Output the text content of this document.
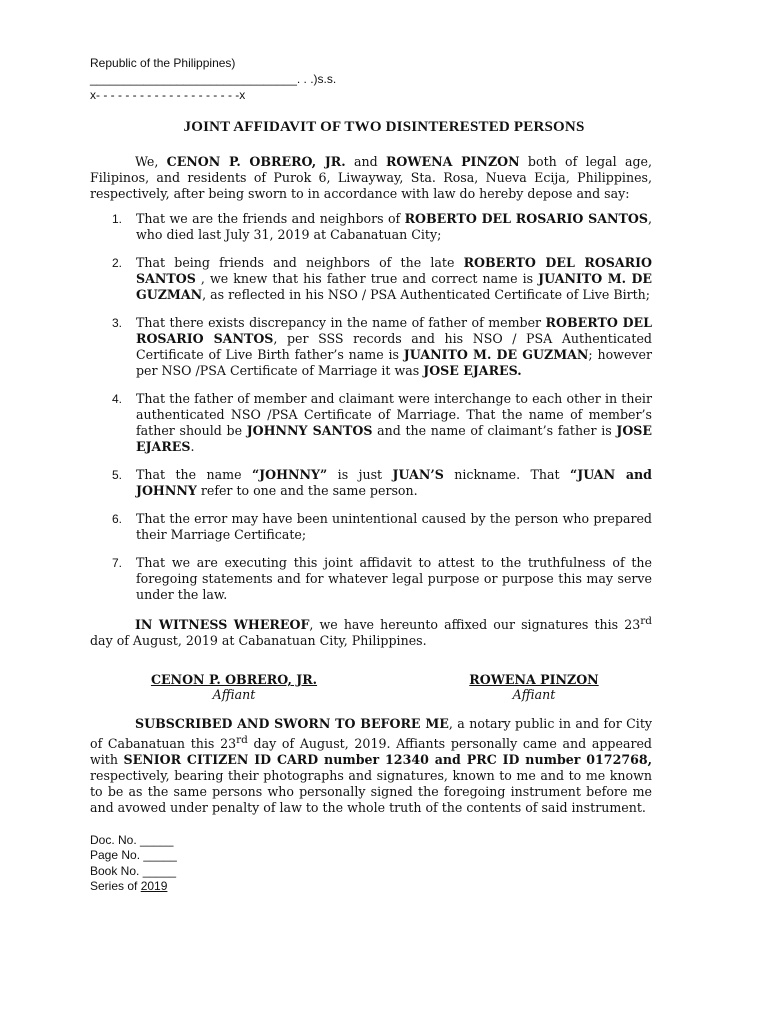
Republic of the Philippines)
_______________________________. . .)s.s.
x- - - - - - - - - - - - - - - - - - - -x
JOINT AFFIDAVIT OF TWO DISINTERESTED PERSONS
We, CENON P. OBRERO, JR. and ROWENA PINZON both of legal age, Filipinos, and residents of Purok 6, Liwayway, Sta. Rosa, Nueva Ecija, Philippines, respectively, after being sworn to in accordance with law do hereby depose and say:
1. That we are the friends and neighbors of ROBERTO DEL ROSARIO SANTOS, who died last July 31, 2019 at Cabanatuan City;
2. That being friends and neighbors of the late ROBERTO DEL ROSARIO SANTOS , we knew that his father true and correct name is JUANITO M. DE GUZMAN, as reflected in his NSO / PSA Authenticated Certificate of Live Birth;
3. That there exists discrepancy in the name of father of member ROBERTO DEL ROSARIO SANTOS, per SSS records and his NSO / PSA Authenticated Certificate of Live Birth father’s name is JUANITO M. DE GUZMAN; however per NSO /PSA Certificate of Marriage it was JOSE EJARES.
4. That the father of member and claimant were interchange to each other in their authenticated NSO /PSA Certificate of Marriage. That the name of member’s father should be JOHNNY SANTOS and the name of claimant’s father is JOSE EJARES.
5. That the name “JOHNNY” is just JUAN’S nickname. That “JUAN and JOHNNY refer to one and the same person.
6. That the error may have been unintentional caused by the person who prepared their Marriage Certificate;
7. That we are executing this joint affidavit to attest to the truthfulness of the foregoing statements and for whatever legal purpose or purpose this may serve under the law.
IN WITNESS WHEREOF, we have hereunto affixed our signatures this 23rd day of August, 2019 at Cabanatuan City, Philippines.
CENON P. OBRERO, JR.
Affiant
ROWENA PINZON
Affiant
SUBSCRIBED AND SWORN TO BEFORE ME, a notary public in and for City of Cabanatuan this 23rd day of August, 2019. Affiants personally came and appeared with SENIOR CITIZEN ID CARD number 12340 and PRC ID number 0172768, respectively, bearing their photographs and signatures, known to me and to me known to be as the same persons who personally signed the foregoing instrument before me and avowed under penalty of law to the whole truth of the contents of said instrument.
Doc. No. _____
Page No. _____
Book No. _____
Series of 2019
